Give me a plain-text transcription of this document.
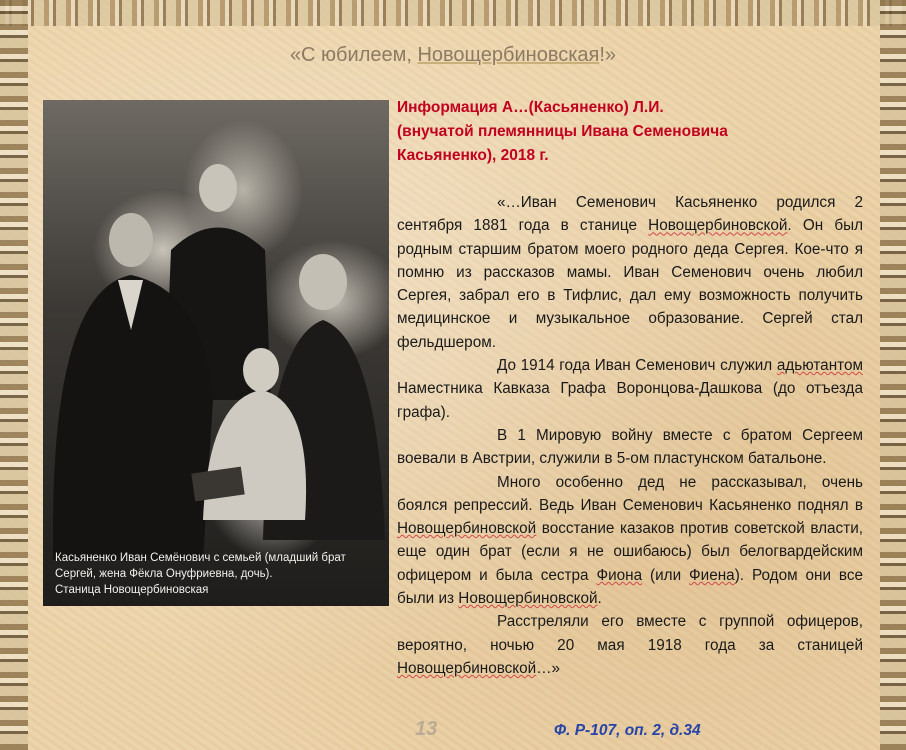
«С юбилеем, Новощербиновская!»
Касьяненко Иван Семёнович с семьей (младший брат
Сергей, жена Фёкла Онуфриевна, дочь).
Станица Новощербиновская
Информация А…(Касьяненко) Л.И.
(внучатой племянницы Ивана Семеновича
Касьяненко), 2018 г.

«…Иван Семенович Касьяненко родился 2 сентября 1881 года в станице Новощербиновской. Он был родным старшим братом моего родного деда Сергея. Кое-что я помню из рассказов мамы. Иван Семенович очень любил Сергея, забрал его в Тифлис, дал ему возможность получить медицинское и музыкальное образование. Сергей стал фельдшером.

До 1914 года Иван Семенович служил адьютантом Наместника Кавказа Графа Воронцова-Дашкова (до отъезда графа).

В 1 Мировую войну вместе с братом Сергеем воевали в Австрии, служили в 5-ом пластунском батальоне.

Много особенно дед не рассказывал, очень боялся репрессий. Ведь Иван Семенович Касьяненко поднял в Новощербиновской восстание казаков против советской власти, еще один брат (если я не ошибаюсь) был белогвардейским офицером и была сестра Фиона (или Фиена). Родом они все были из Новощербиновской.

Расстреляли его вместе с группой офицеров, вероятно, ночью 20 мая 1918 года за станицей Новощербиновской…»

13	Ф. Р-107, оп. 2, д.34
